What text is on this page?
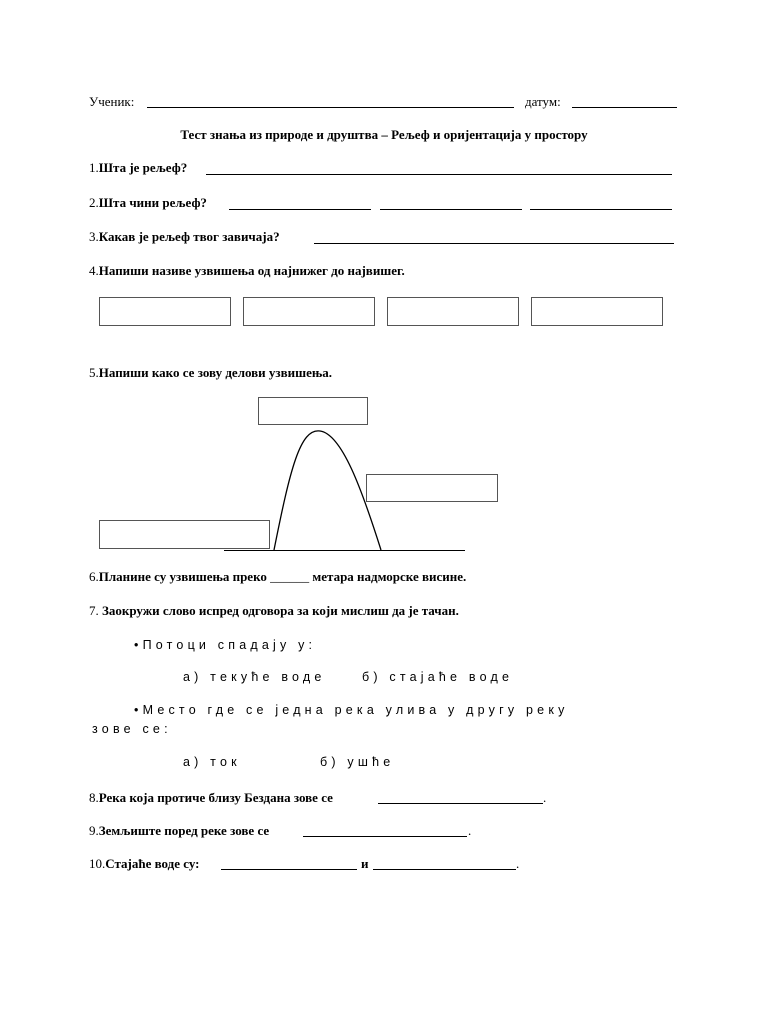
Ученик:	датум:
Тест знања из природе и друштва – Рељеф и оријентација у простору
1.Шта је рељеф?
2.Шта чини рељеф?
3.Какав је рељеф твог завичаја?
4.Напиши називе узвишења од најнижег до највишег.
5.Напиши како се зову делови узвишења.
6.Планине су узвишења преко ______ метара надморске висине.
7. Заокружи слово испред одговора за који мислиш да је тачан.
•Потоци спадају у:
а) текуће воде	б) стајаће воде
•Место где се једна река улива у другу реку
зове се:
а) ток	б) ушће
8.Река која протиче близу Бездана зове се	.
9.Земљиште поред реке зове се	.
10.Стајаће воде су:	и	.
